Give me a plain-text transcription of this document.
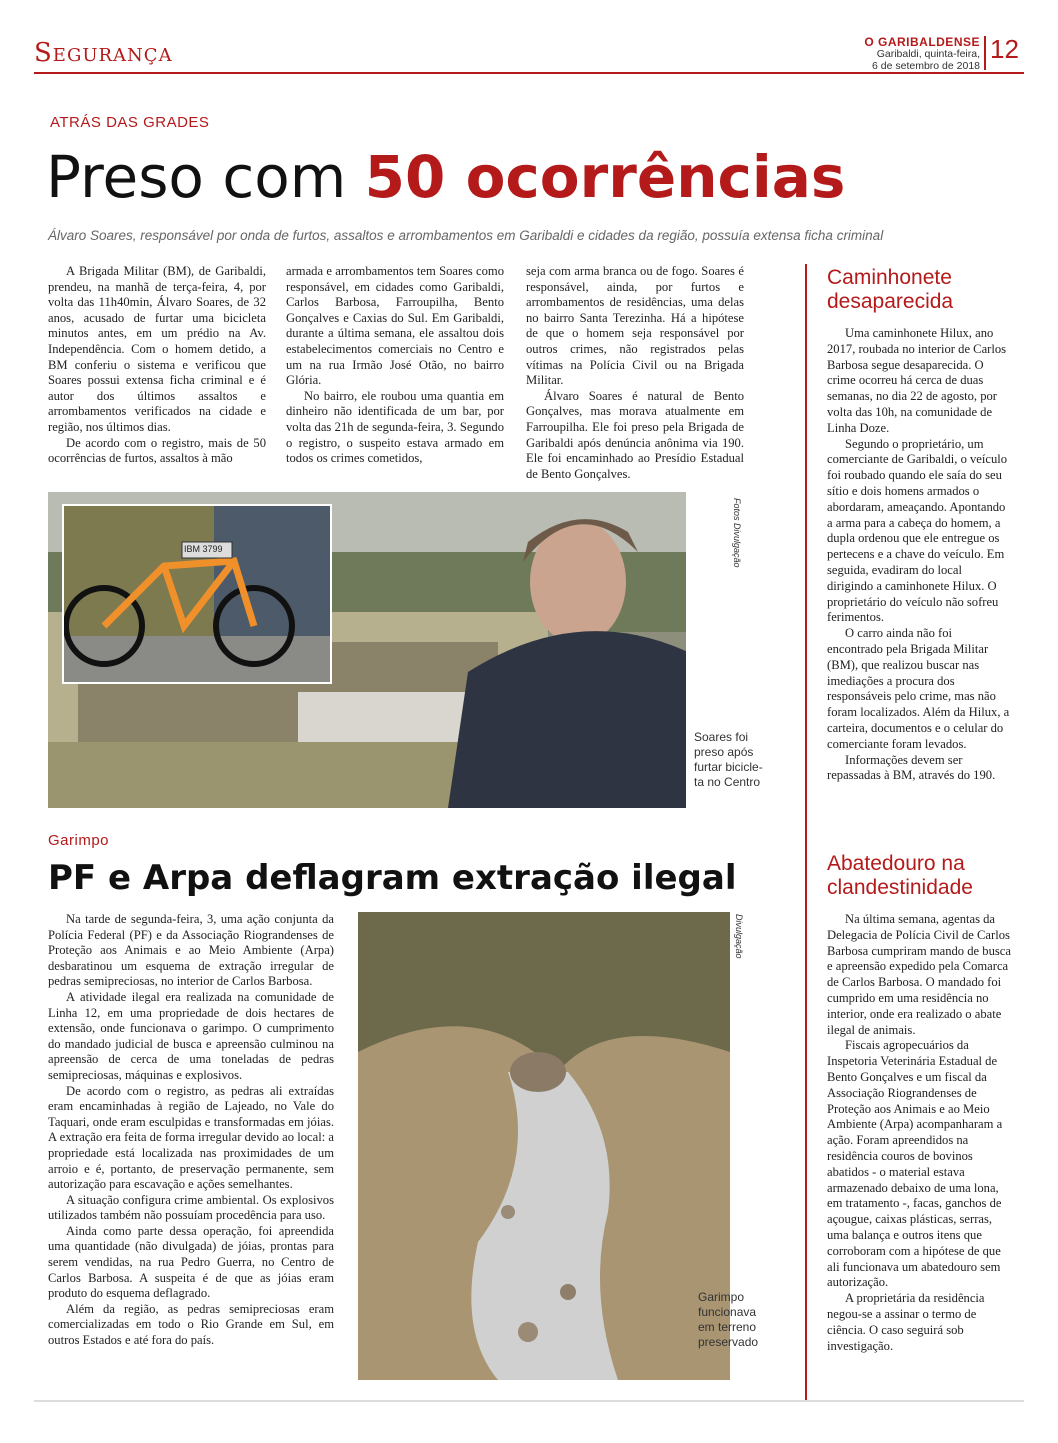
Segurança	O GARIBALDENSE
Garibaldi, quinta-feira,
6 de setembro de 2018
12
ATRÁS DAS GRADES
Preso com 50 ocorrências
Álvaro Soares, responsável por onda de furtos, assaltos e arrombamentos em Garibaldi e cidades da região, possuía extensa ficha criminal

A Brigada Militar (BM), de Garibaldi, prendeu, na manhã de terça-feira, 4, por volta das 11h40min, Álvaro Soares, de 32 anos, acusado de furtar uma bicicleta minutos antes, em um prédio na Av. Independência. Com o homem detido, a BM conferiu o sistema e verificou que Soares possui extensa ficha criminal e é autor dos últimos assaltos e arrombamentos verificados na cidade e região, nos últimos dias.

De acordo com o registro, mais de 50 ocorrências de furtos, assaltos à mão

armada e arrombamentos tem Soares como responsável, em cidades como Garibaldi, Carlos Barbosa, Farroupilha, Bento Gonçalves e Caxias do Sul. Em Garibaldi, durante a última semana, ele assaltou dois estabelecimentos comerciais no Centro e um na rua Irmão José Otão, no bairro Glória.

No bairro, ele roubou uma quantia em dinheiro não identificada de um bar, por volta das 21h de segunda-feira, 3. Segundo o registro, o suspeito estava armado em todos os crimes cometidos,

seja com arma branca ou de fogo. Soares é responsável, ainda, por furtos e arrombamentos de residências, uma delas no bairro Santa Terezinha. Há a hipótese de que o homem seja responsável por outros crimes, não registrados pelas vítimas na Polícia Civil ou na Brigada Militar.

Álvaro Soares é natural de Bento Gonçalves, mas morava atualmente em Farroupilha. Ele foi preso pela Brigada de Garibaldi após denúncia anônima via 190. Ele foi encaminhado ao Presídio Estadual de Bento Gonçalves.

IBM 3799	Fotos Divulgação
Soares foi
preso após
furtar biciclе-
ta no Centro
Caminhonete desaparecida

Uma caminhonete Hilux, ano 2017, roubada no interior de Carlos Barbosa segue desaparecida. O crime ocorreu há cerca de duas semanas, no dia 22 de agosto, por volta das 10h, na comunidade de Linha Doze.

Segundo o proprietário, um comerciante de Garibaldi, o veículo foi roubado quando ele saía do seu sítio e dois homens armados o abordaram, ameaçando. Apontando a arma para a cabeça do homem, a dupla ordenou que ele entregue os pertecens e a chave do veículo. Em seguida, evadiram do local dirigindo a caminhonete Hilux. O proprietário do veículo não sofreu ferimentos.

O carro ainda não foi encontrado pela Brigada Militar (BM), que realizou buscar nas imediações a procura dos responsáveis pelo crime, mas não foram localizados. Além da Hilux, a carteira, documentos e o celular do comerciante foram levados.

Informações devem ser repassadas à BM, através do 190.

Garimpo
PF e Arpa deflagram extração ilegal

Na tarde de segunda-feira, 3, uma ação conjunta da Polícia Federal (PF) e da Associação Riograndenses de Proteção aos Animais e ao Meio Ambiente (Arpa) desbaratinou um esquema de extração irregular de pedras semipreciosas, no interior de Carlos Barbosa.

A atividade ilegal era realizada na comunidade de Linha 12, em uma propriedade de dois hectares de extensão, onde funcionava o garimpo. O cumprimento do mandado judicial de busca e apreensão culminou na apreensão de cerca de uma toneladas de pedras semipreciosas, máquinas e explosivos.

De acordo com o registro, as pedras ali extraídas eram encaminhadas à região de Lajeado, no Vale do Taquari, onde eram esculpidas e transformadas em jóias. A extração era feita de forma irregular devido ao local: a propriedade está localizada nas proximidades de um arroio e é, portanto, de preservação permanente, sem autorização para escavação e ações semelhantes.

A situação configura crime ambiental. Os explosivos utilizados também não possuíam procedência para uso.

Ainda como parte dessa operação, foi apreendida uma quantidade (não divulgada) de jóias, prontas para serem vendidas, na rua Pedro Guerra, no Centro de Carlos Barbosa. A suspeita é de que as jóias eram produto do esquema deflagrado.

Além da região, as pedras semipreciosas eram comercializadas em todo o Rio Grande em Sul, em outros Estados e até fora do país.

Divulgação
Garimpo
funcionava
em terreno
preservado
Abatedouro na clandestinidade

Na última semana, agentas da Delegacia de Polícia Civil de Carlos Barbosa cumpriram mando de busca e apreensão expedido pela Comarca de Carlos Barbosa. O mandado foi cumprido em uma residência no interior, onde era realizado o abate ilegal de animais.

Fiscais agropecuários da Inspetoria Veterinária Estadual de Bento Gonçalves e um fiscal da Associação Riograndenses de Proteção aos Animais e ao Meio Ambiente (Arpa) acompanharam a ação. Foram apreendidos na residência couros de bovinos abatidos - o material estava armazenado debaixo de uma lona, em tratamento -, facas, ganchos de açougue, caixas plásticas, serras, uma balança e outros itens que corroboram com a hipótese de que ali funcionava um abatedouro sem autorização.

A proprietária da residência negou-se a assinar o termo de ciência. O caso seguirá sob investigação.
